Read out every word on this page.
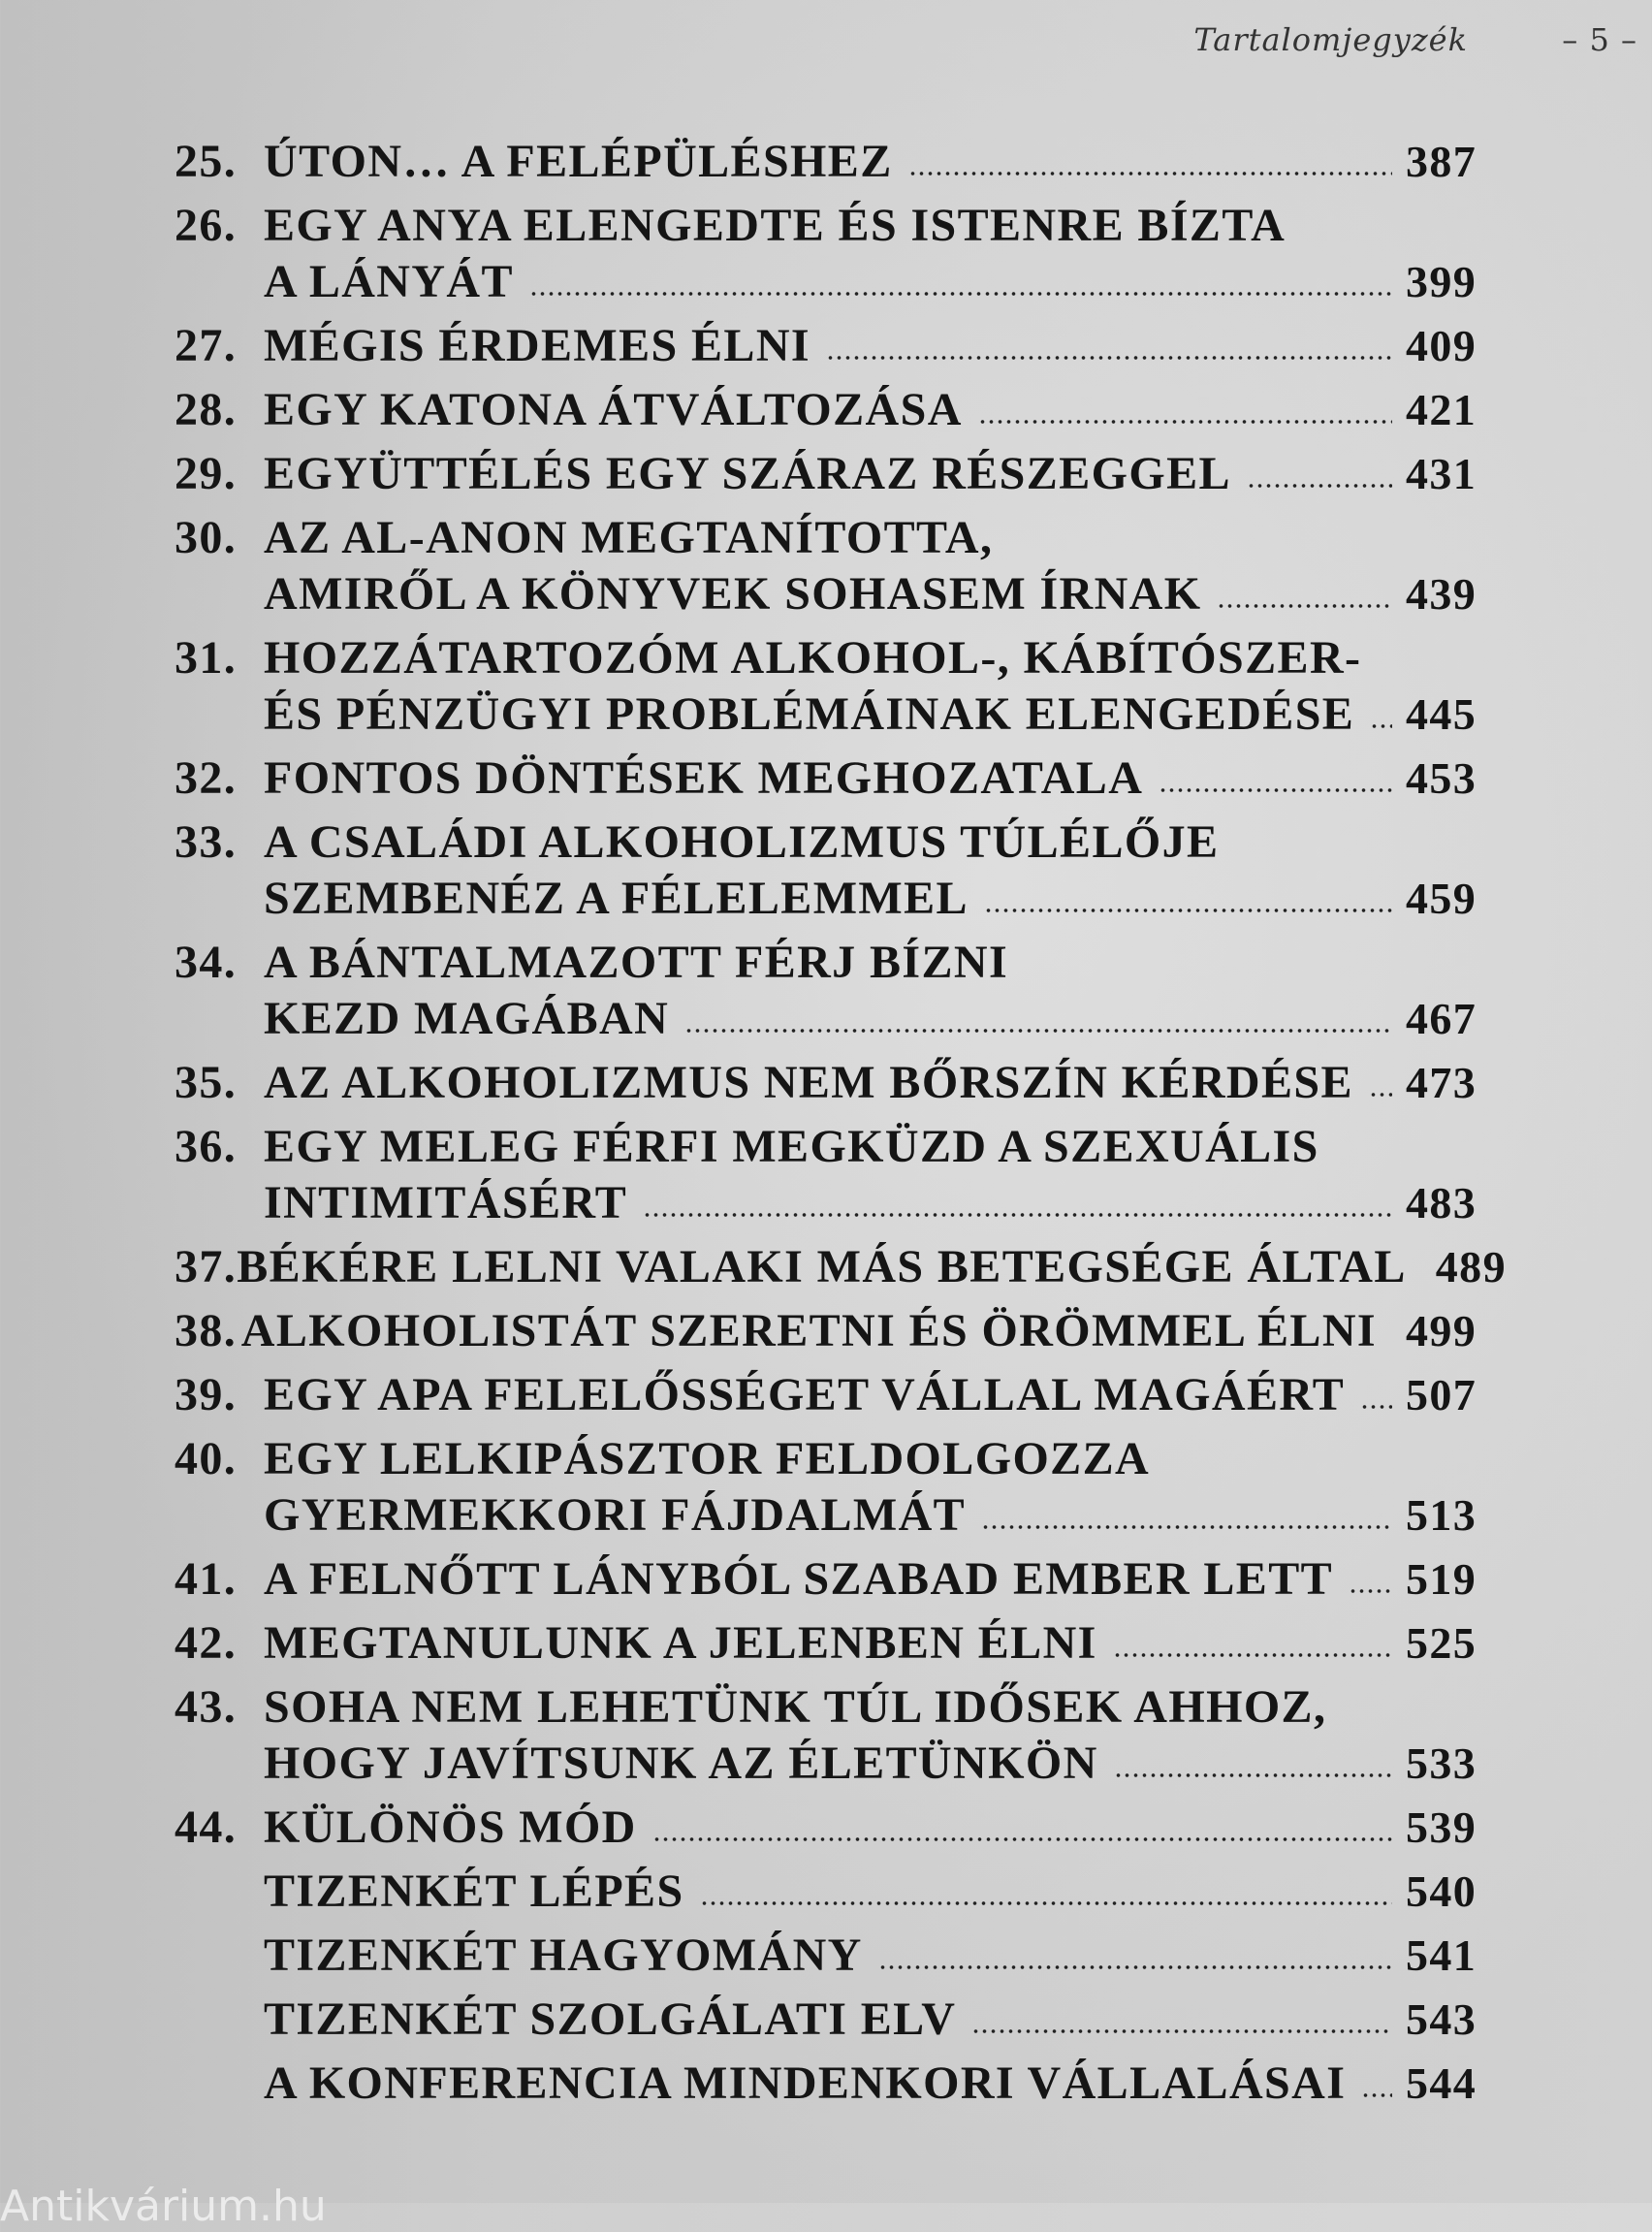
Tartalomjegyzék	– 5 –
25. ÚTON… A FELÉPÜLÉSHEZ	387
26. EGY ANYA ELENGEDTE ÉS ISTENRE BÍZTA
A LÁNYÁT	399
27. MÉGIS ÉRDEMES ÉLNI	409
28. EGY KATONA ÁTVÁLTOZÁSA	421
29. EGYÜTTÉLÉS EGY SZÁRAZ RÉSZEGGEL	431
30. AZ AL-ANON MEGTANÍTOTTA,
AMIRŐL A KÖNYVEK SOHASEM ÍRNAK	439
31. HOZZÁTARTOZÓM ALKOHOL-, KÁBÍTÓSZER-
ÉS PÉNZÜGYI PROBLÉMÁINAK ELENGEDÉSE 445
32. FONTOS DÖNTÉSEK MEGHOZATALA	453
33. A CSALÁDI ALKOHOLIZMUS TÚLÉLŐJE
SZEMBENÉZ A FÉLELEMMEL	459
34. A BÁNTALMAZOTT FÉRJ BÍZNI
KEZD MAGÁBAN	467
35. AZ ALKOHOLIZMUS NEM BŐRSZÍN KÉRDÉSE 473
36. EGY MELEG FÉRFI MEGKÜZD A SZEXUÁLIS
INTIMITÁSÉRT	483
37. BÉKÉRE LELNI VALAKI MÁS BETEGSÉGE ÁLTAL 489
38. ALKOHOLISTÁT SZERETNI ÉS ÖRÖMMEL ÉLNI 499
39. EGY APA FELELŐSSÉGET VÁLLAL MAGÁÉRT 507
40. EGY LELKIPÁSZTOR FELDOLGOZZA
GYERMEKKORI FÁJDALMÁT	513
41. A FELNŐTT LÁNYBÓL SZABAD EMBER LETT 519
42. MEGTANULUNK A JELENBEN ÉLNI	525
43. SOHA NEM LEHETÜNK TÚL IDŐSEK AHHOZ,
HOGY JAVÍTSUNK AZ ÉLETÜNKÖN	533
44. KÜLÖNÖS MÓD	539
TIZENKÉT LÉPÉS	540
TIZENKÉT HAGYOMÁNY	541
TIZENKÉT SZOLGÁLATI ELV	543
A KONFERENCIA MINDENKORI VÁLLALÁSAI 544
Antikvárium.hu
